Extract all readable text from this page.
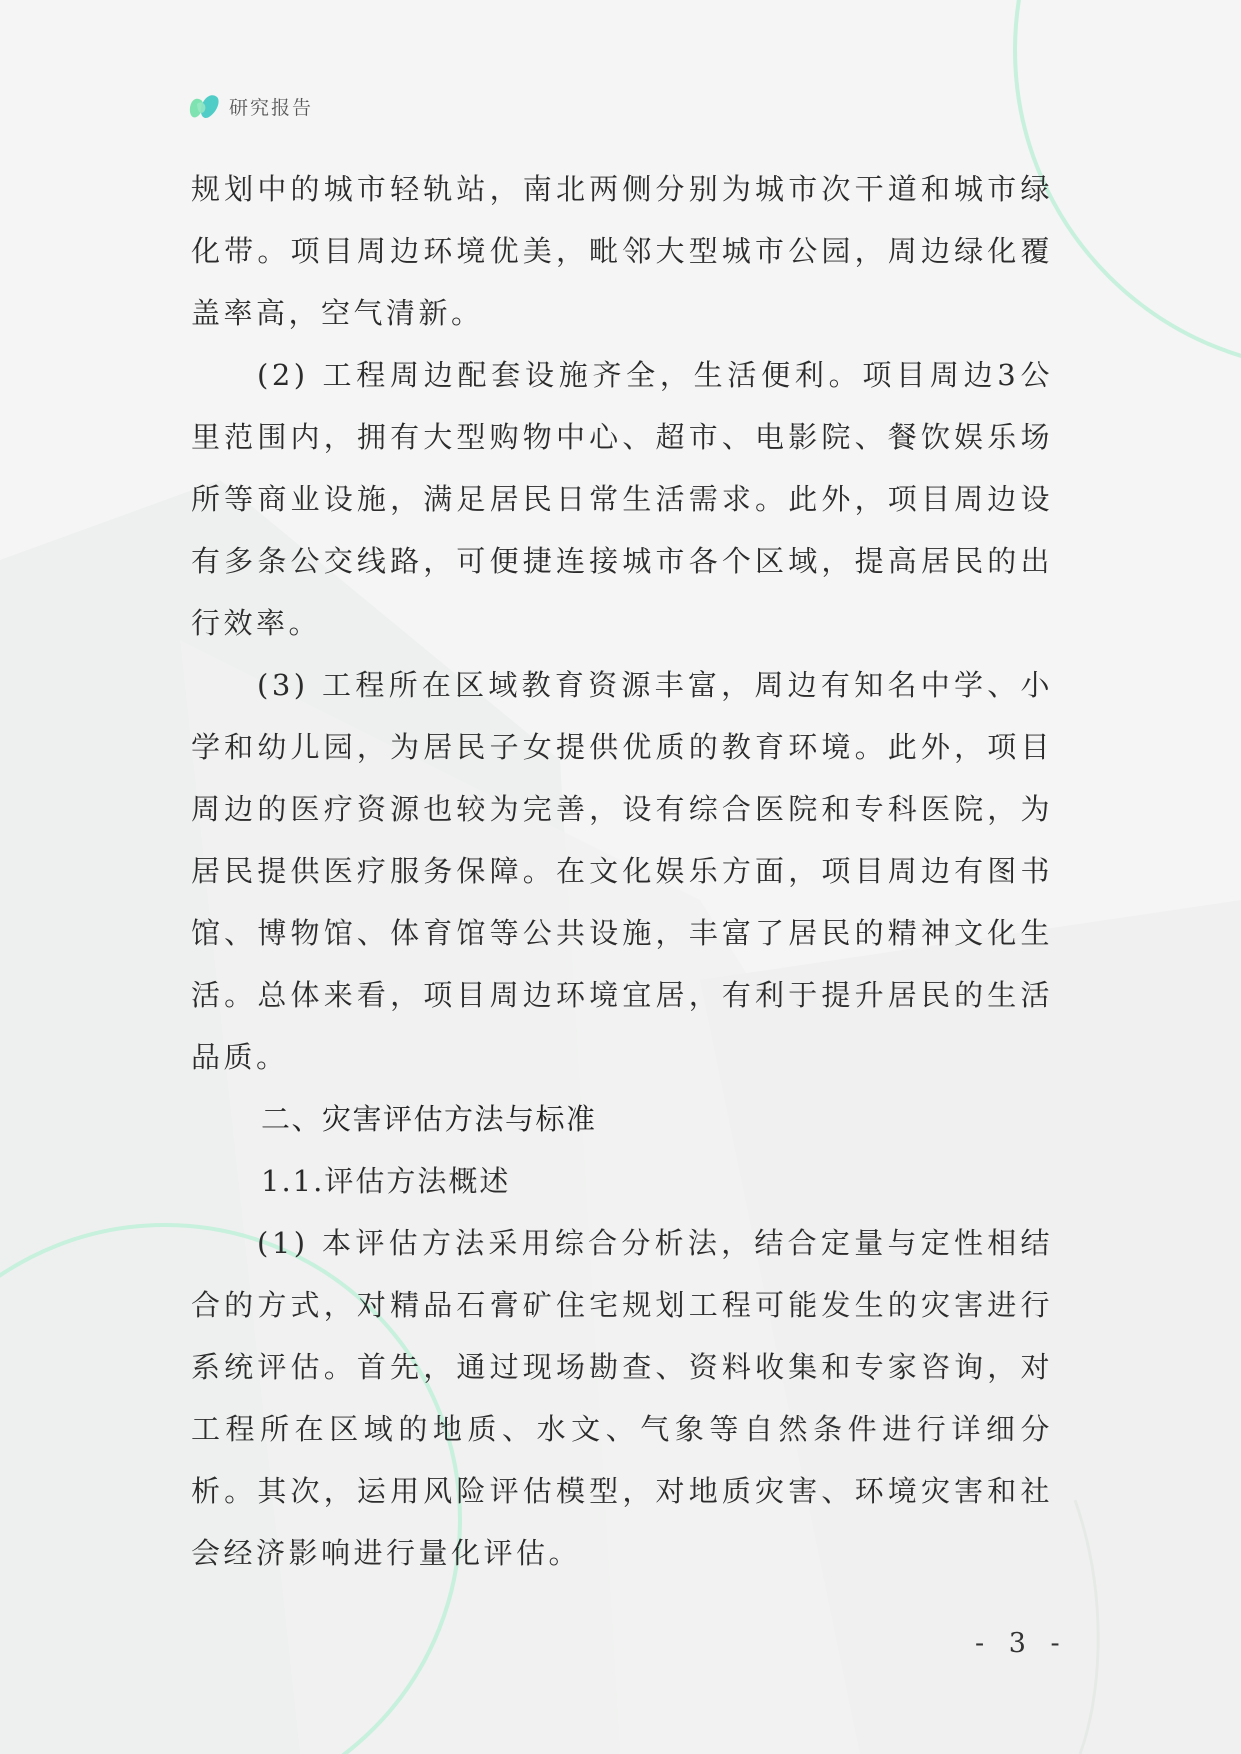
研究报告

规划中的城市轻轨站，南北两侧分别为城市次干道和城市绿化带。项目周边环境优美，毗邻大型城市公园，周边绿化覆盖率高，空气清新。

(2) 工程周边配套设施齐全，生活便利。项目周边3公里范围内，拥有大型购物中心、超市、电影院、餐饮娱乐场所等商业设施，满足居民日常生活需求。此外，项目周边设有多条公交线路，可便捷连接城市各个区域，提高居民的出行效率。

(3) 工程所在区域教育资源丰富，周边有知名中学、小学和幼儿园，为居民子女提供优质的教育环境。此外，项目周边的医疗资源也较为完善，设有综合医院和专科医院，为居民提供医疗服务保障。在文化娱乐方面，项目周边有图书馆、博物馆、体育馆等公共设施，丰富了居民的精神文化生活。总体来看，项目周边环境宜居，有利于提升居民的生活品质。

二、灾害评估方法与标准

1.1.评估方法概述

(1) 本评估方法采用综合分析法，结合定量与定性相结合的方式，对精品石膏矿住宅规划工程可能发生的灾害进行系统评估。首先，通过现场勘查、资料收集和专家咨询，对工程所在区域的地质、水文、气象等自然条件进行详细分析。其次，运用风险评估模型，对地质灾害、环境灾害和社会经济影响进行量化评估。

- 3 -
